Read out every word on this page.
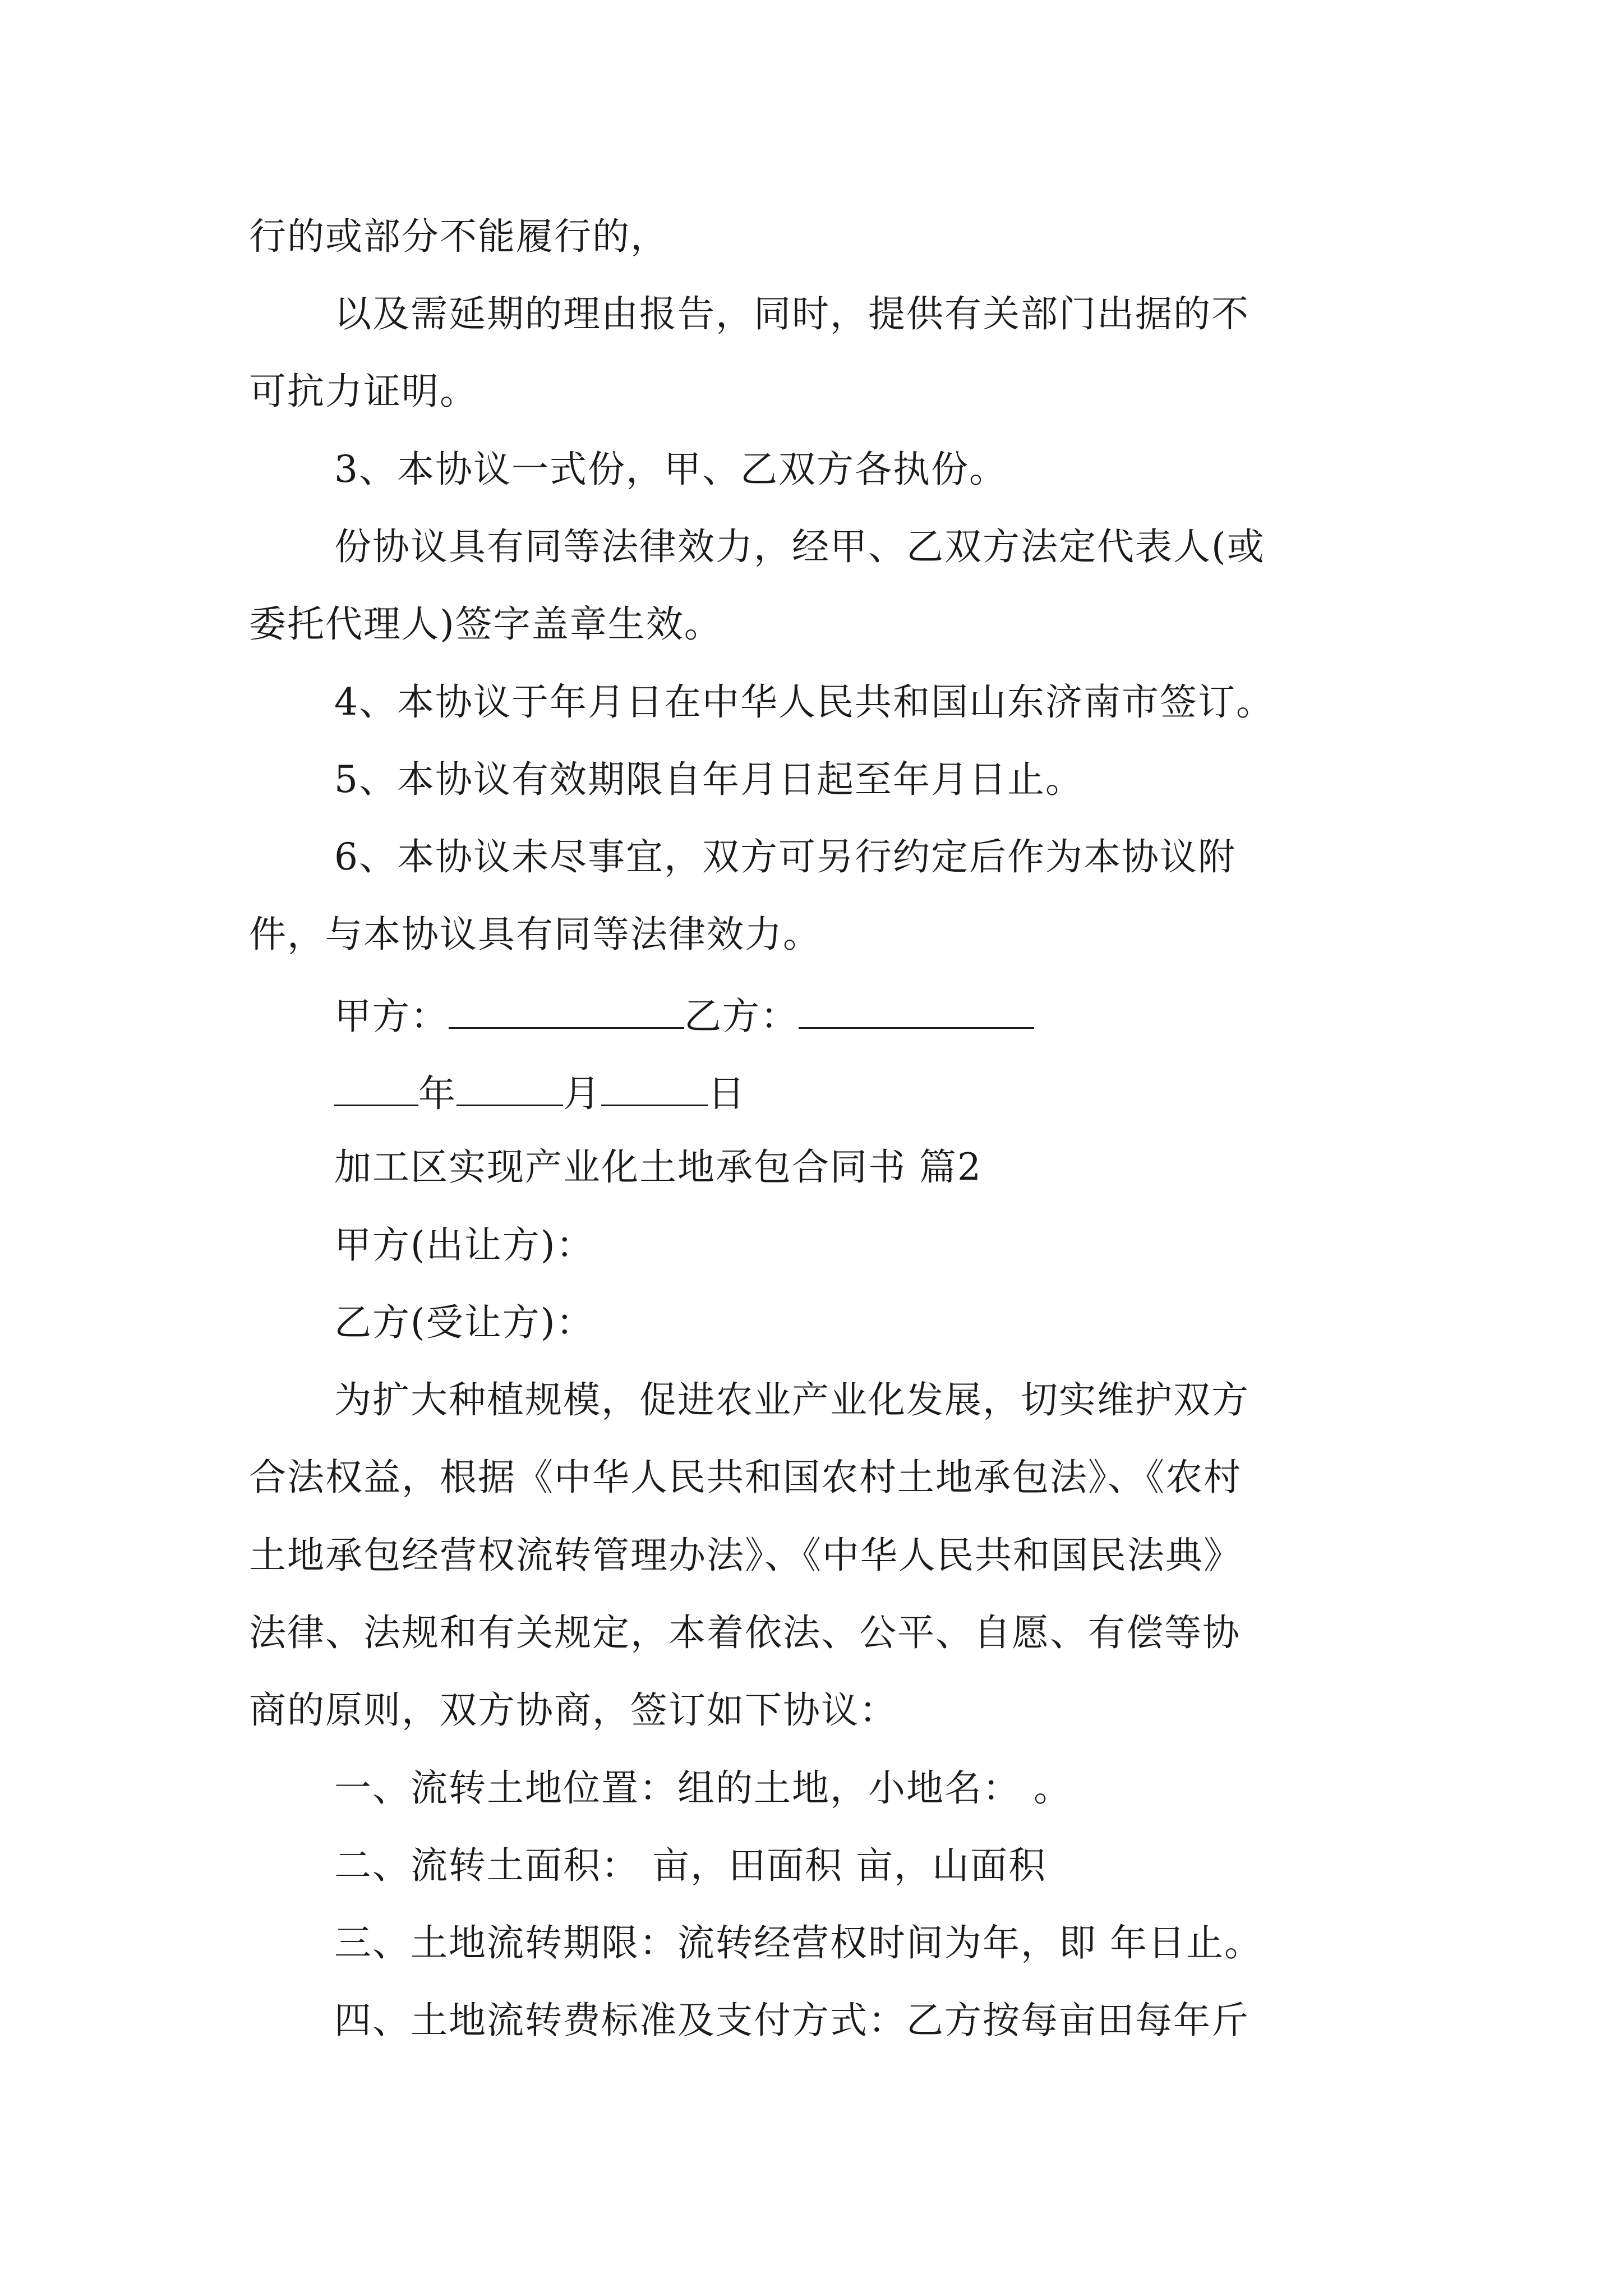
行的或部分不能履行的，
以及需延期的理由报告，同时，提供有关部门出据的不
可抗力证明。
3、本协议一式份，甲、乙双方各执份。
份协议具有同等法律效力，经甲、乙双方法定代表人(或
委托代理人)签字盖章生效。
4、本协议于年月日在中华人民共和国山东济南市签订。
5、本协议有效期限自年月日起至年月日止。
6、本协议未尽事宜，双方可另行约定后作为本协议附
件，与本协议具有同等法律效力。
甲方：	乙方：
年	月	日
加工区实现产业化土地承包合同书 篇2
甲方(出让方)：
乙方(受让方)：
为扩大种植规模，促进农业产业化发展，切实维护双方
合法权益，根据《中华人民共和国农村土地承包法》、《农村
土地承包经营权流转管理办法》、《中华人民共和国民法典》
法律、法规和有关规定，本着依法、公平、自愿、有偿等协
商的原则，双方协商，签订如下协议：
一、流转土地位置：组的土地，小地名： 。
二、流转土面积： 亩，田面积 亩，山面积
三、土地流转期限：流转经营权时间为年，即 年日止。
四、土地流转费标准及支付方式：乙方按每亩田每年斤
